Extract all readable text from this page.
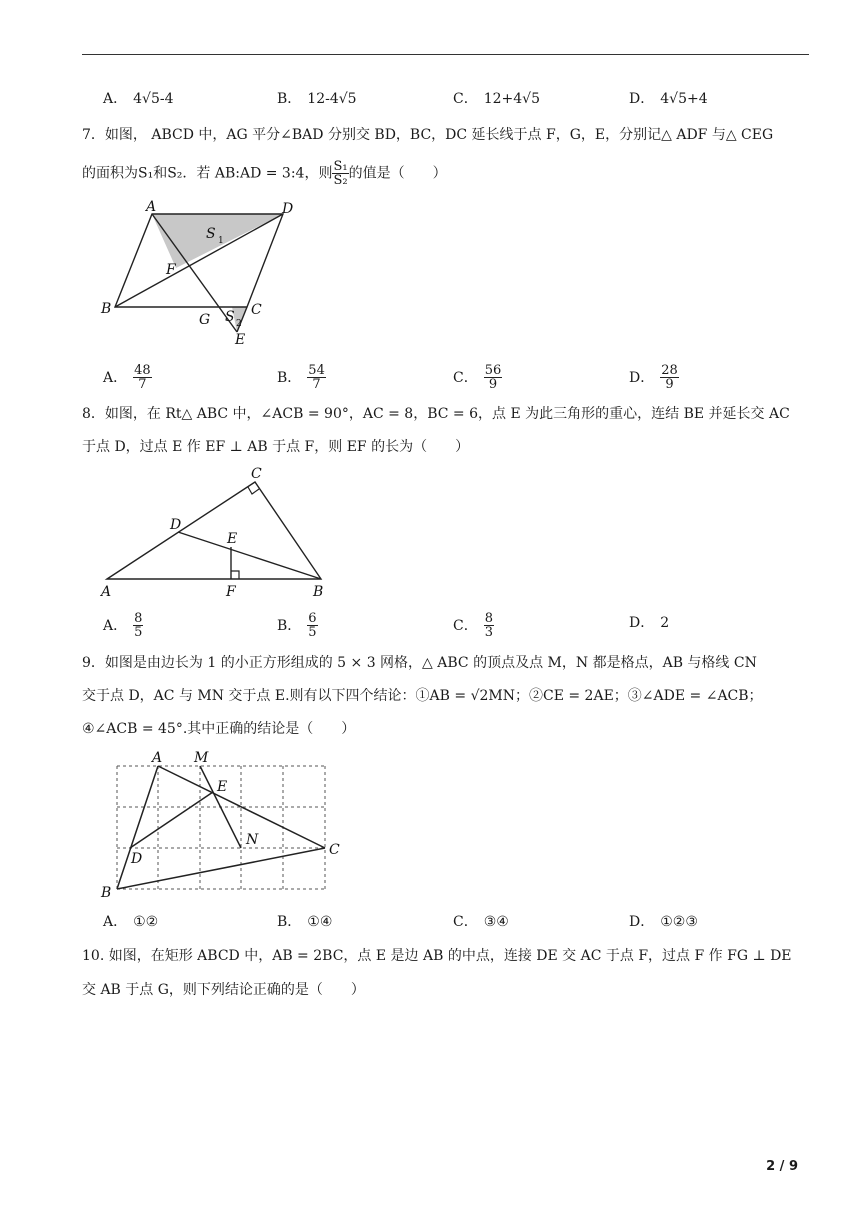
A． 4√5-4	B． 12-4√5	C． 12+4√5	D． 4√5+4
7．如图， ABCD 中，AG 平分∠BAD 分别交 BD，BC，DC 延长线于点 F，G，E，分别记△ ADF 与△ CEG
的面积为S₁和S₂．若 AB:AD = 3:4，则 $\frac{\text{S₁}}{\text{S₂}}$ 的值是（　　）
A	D
B	C
F
G
E
S 1
S 2
A． $\frac{48}{7}$	B． $\frac{54}{7}$	C． $\frac{56}{9}$	D． $\frac{28}{9}$
8．如图，在 Rt△ ABC 中，∠ACB = 90°，AC = 8，BC = 6，点 E 为此三角形的重心，连结 BE 并延长交 AC
于点 D，过点 E 作 EF ⊥ AB 于点 F，则 EF 的长为（　　）
A	B
C
D
E
F
A． $\frac{8}{5}$	B． $\frac{6}{5}$	C． $\frac{8}{3}$	D． 2
9．如图是由边长为 1 的小正方形组成的 5 × 3 网格，△ ABC 的顶点及点 M，N 都是格点，AB 与格线 CN
交于点 D，AC 与 MN 交于点 E.则有以下四个结论：①AB = √2MN；②CE = 2AE；③∠ADE = ∠ACB；
④∠ACB = 45°.其中正确的结论是（　　）
A M
E
N
C
D
B
A． ①②	B． ①④	C． ③④	D． ①②③
10. 如图，在矩形 ABCD 中，AB = 2BC，点 E 是边 AB 的中点，连接 DE 交 AC 于点 F，过点 F 作 FG ⊥ DE
交 AB 于点 G，则下列结论正确的是（　　）
2 / 9
